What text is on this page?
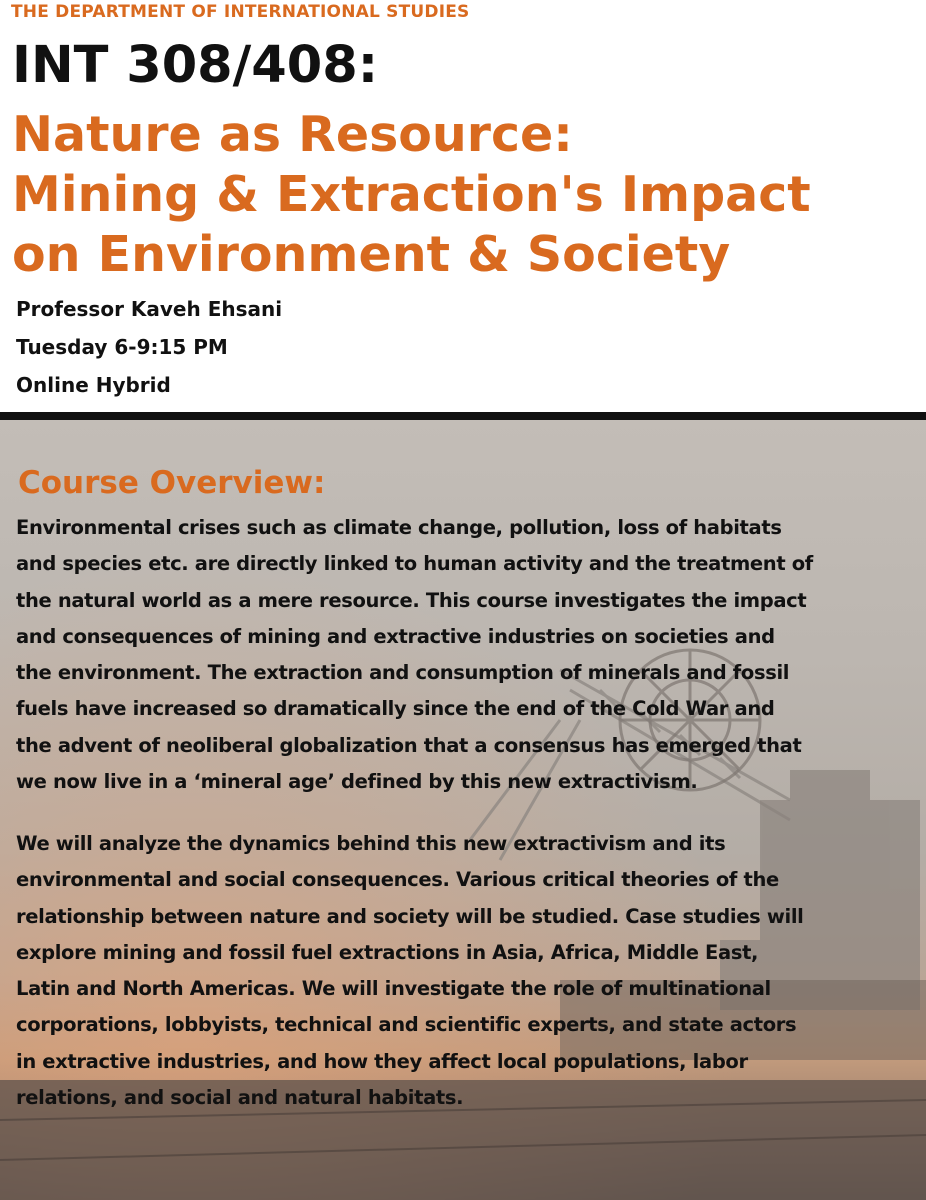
THE DEPARTMENT OF INTERNATIONAL STUDIES
INT 308/408:
Nature as Resource:
Mining & Extraction's Impact
on Environment & Society
Professor Kaveh Ehsani
Tuesday 6-9:15 PM
Online Hybrid
Course Overview:
Environmental crises such as climate change, pollution, loss of habitats
and species etc. are directly linked to human activity and the treatment of
the natural world as a mere resource. This course investigates the impact
and consequences of mining and extractive industries on societies and
the environment. The extraction and consumption of minerals and fossil
fuels have increased so dramatically since the end of the Cold War and
the advent of neoliberal globalization that a consensus has emerged that
we now live in a ‘mineral age’ defined by this new extractivism.
We will analyze the dynamics behind this new extractivism and its
environmental and social consequences. Various critical theories of the
relationship between nature and society will be studied. Case studies will
explore mining and fossil fuel extractions in Asia, Africa, Middle East,
Latin and North Americas. We will investigate the role of multinational
corporations, lobbyists, technical and scientific experts, and state actors
in extractive industries, and how they affect local populations, labor
relations, and social and natural habitats.
